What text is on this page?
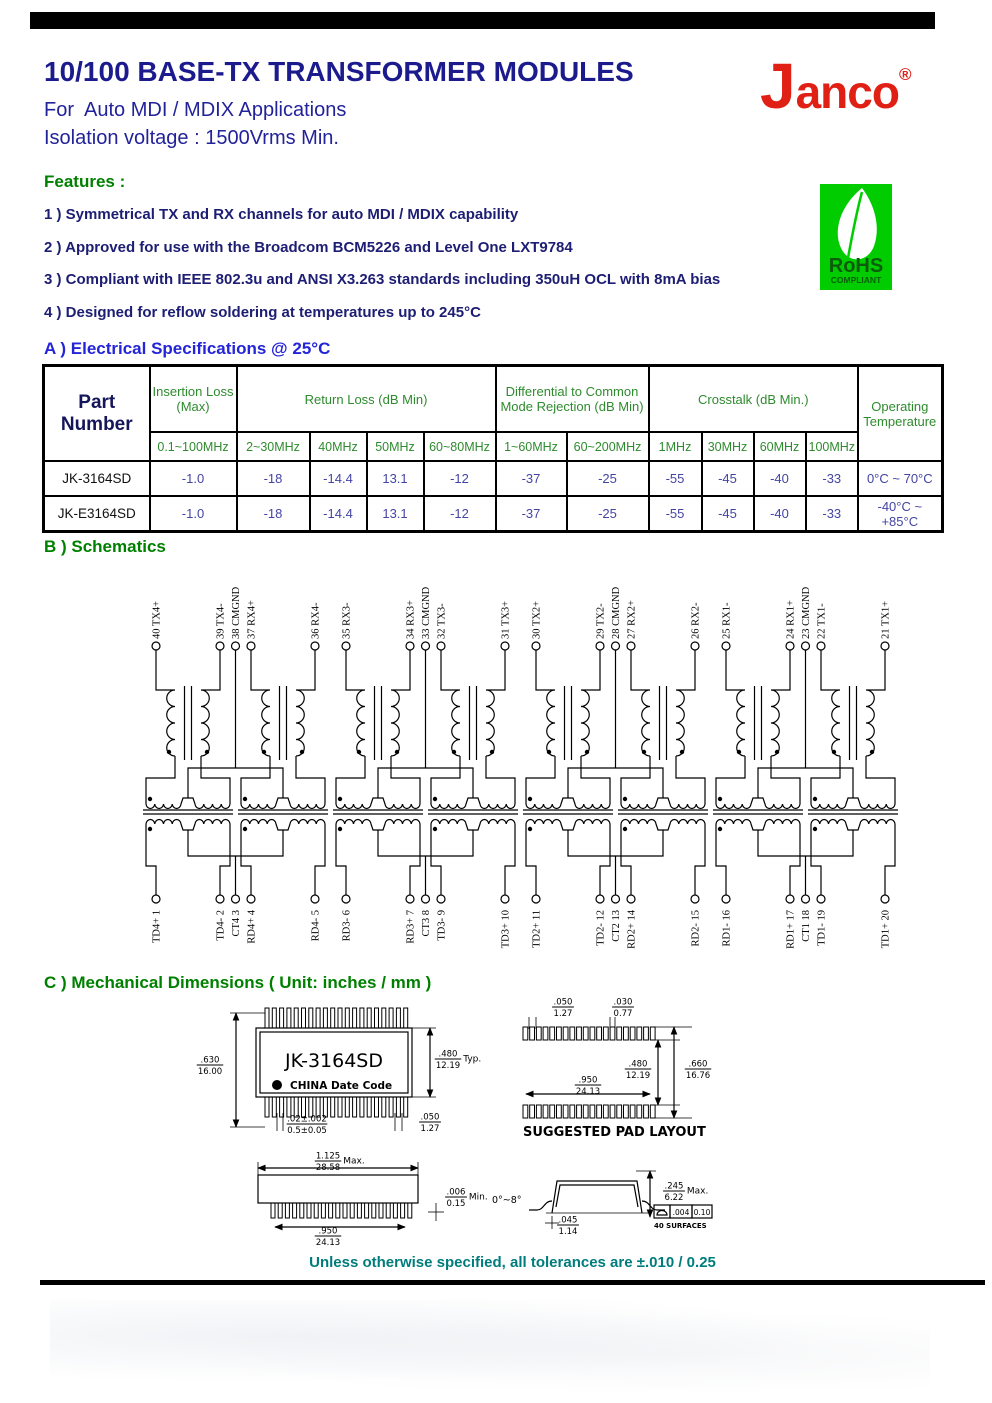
10/100 BASE-TX TRANSFORMER MODULES
For  Auto MDI / MDIX Applications
Isolation voltage : 1500Vrms Min.
Janco®
Features :
1 ) Symmetrical TX and RX channels for auto MDI / MDIX capability
2 ) Approved for use with the Broadcom BCM5226 and Level One LXT9784
3 ) Compliant with IEEE 802.3u and ANSI X3.263 standards including 350uH OCL with 8mA bias
4 ) Designed for reflow soldering at temperatures up to 245°C
RoHS
COMPLIANT
A ) Electrical Specifications @ 25°C
Part Number	Insertion Loss (Max)	Return Loss (dB Min)				Differential to Common Mode Rejection (dB Min)		Crosstalk (dB Min.)				Operating Temperature
	0.1~100MHz	2~30MHz	40MHz	50MHz	60~80MHz	1~60MHz	60~200MHz	1MHz	30MHz	60MHz	100MHz	
JK-3164SD	-1.0	-18	-14.4	13.1	-12	-37	-25	-55	-45	-40	-33	0°C ~ 70°C
JK-E3164SD	-1.0	-18	-14.4	13.1	-12	-37	-25	-55	-45	-40	-33	-40°C ~ +85°C
B ) Schematics
40 TX4+
TD4+ 1
39 TX4-
TD4- 2
38 CMGND
CT4 3
37 RX4+
RD4+ 4
36 RX4-
RD4- 5
35 RX3-
RD3- 6
34 RX3+
RD3+ 7
33 CMGND
CT3 8
32 TX3-
TD3- 9
31 TX3+
TD3+ 10
30 TX2+
TD2+ 11
29 TX2-
TD2- 12
28 CMGND
CT2 13
27 RX2+
RD2+ 14
26 RX2-
RD2- 15
25 RX1-
RD1- 16
24 RX1+
RD1+ 17
23 CMGND
CT1 18
22 TX1-
TD1- 19
21 TX1+
TD1+ 20
C ) Mechanical Dimensions ( Unit: inches / mm )
JK-3164SD
CHINA Date Code
.630
16.00
.480
12.19
Typ.
.02±.002
0.5±0.05
.050
1.27
.050
1.27
.030
0.77
.480
12.19
.660
16.76
.950
24.13
SUGGESTED PAD LAYOUT
1.125
28.58
Max.
.950
24.13
.006
0.15
Min. 0°~8°
.245
6.22
Max.
.045
1.14
.004 0.10
40 SURFACES
Unless otherwise specified, all tolerances are ±.010 / 0.25
